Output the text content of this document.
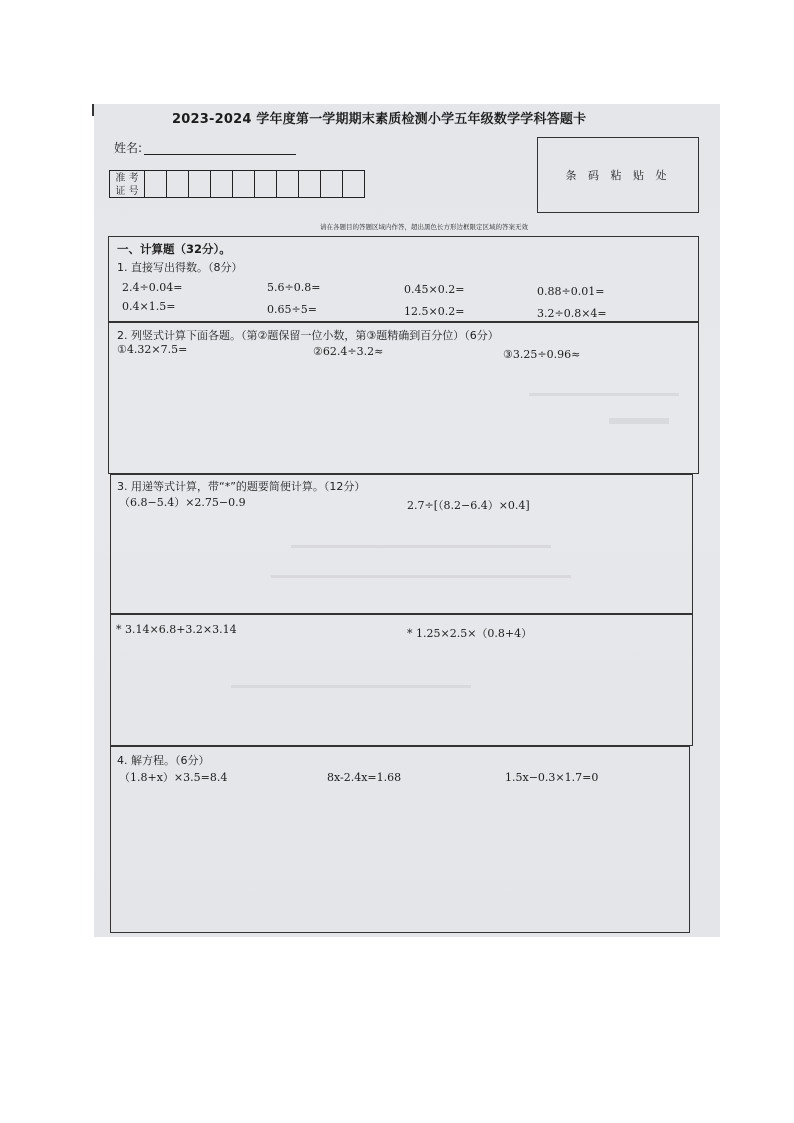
2023-2024 学年度第一学期期末素质检测小学五年级数学学科答题卡
姓名:
准 考
证 号
条 码 粘 贴 处
请在各题目的答题区域内作答，超出黑色长方形边框限定区域的答案无效
一、计算题（32分）。
1. 直接写出得数。（8分）
2.4÷0.04=	5.6÷0.8=	0.45×0.2=	0.88÷0.01=
0.4×1.5=	0.65÷5=	12.5×0.2=	3.2÷0.8×4=
2. 列竖式计算下面各题。（第②题保留一位小数，第③题精确到百分位）（6分）
①4.32×7.5=	②62.4÷3.2≈	③3.25÷0.96≈
3. 用递等式计算，带“*”的题要简便计算。（12分）
（6.8−5.4）×2.75−0.9	2.7÷[（8.2−6.4）×0.4]
* 3.14×6.8+3.2×3.14	* 1.25×2.5×（0.8+4）
4. 解方程。（6分）
（1.8+x）×3.5=8.4	8x-2.4x=1.68	1.5x−0.3×1.7=0
